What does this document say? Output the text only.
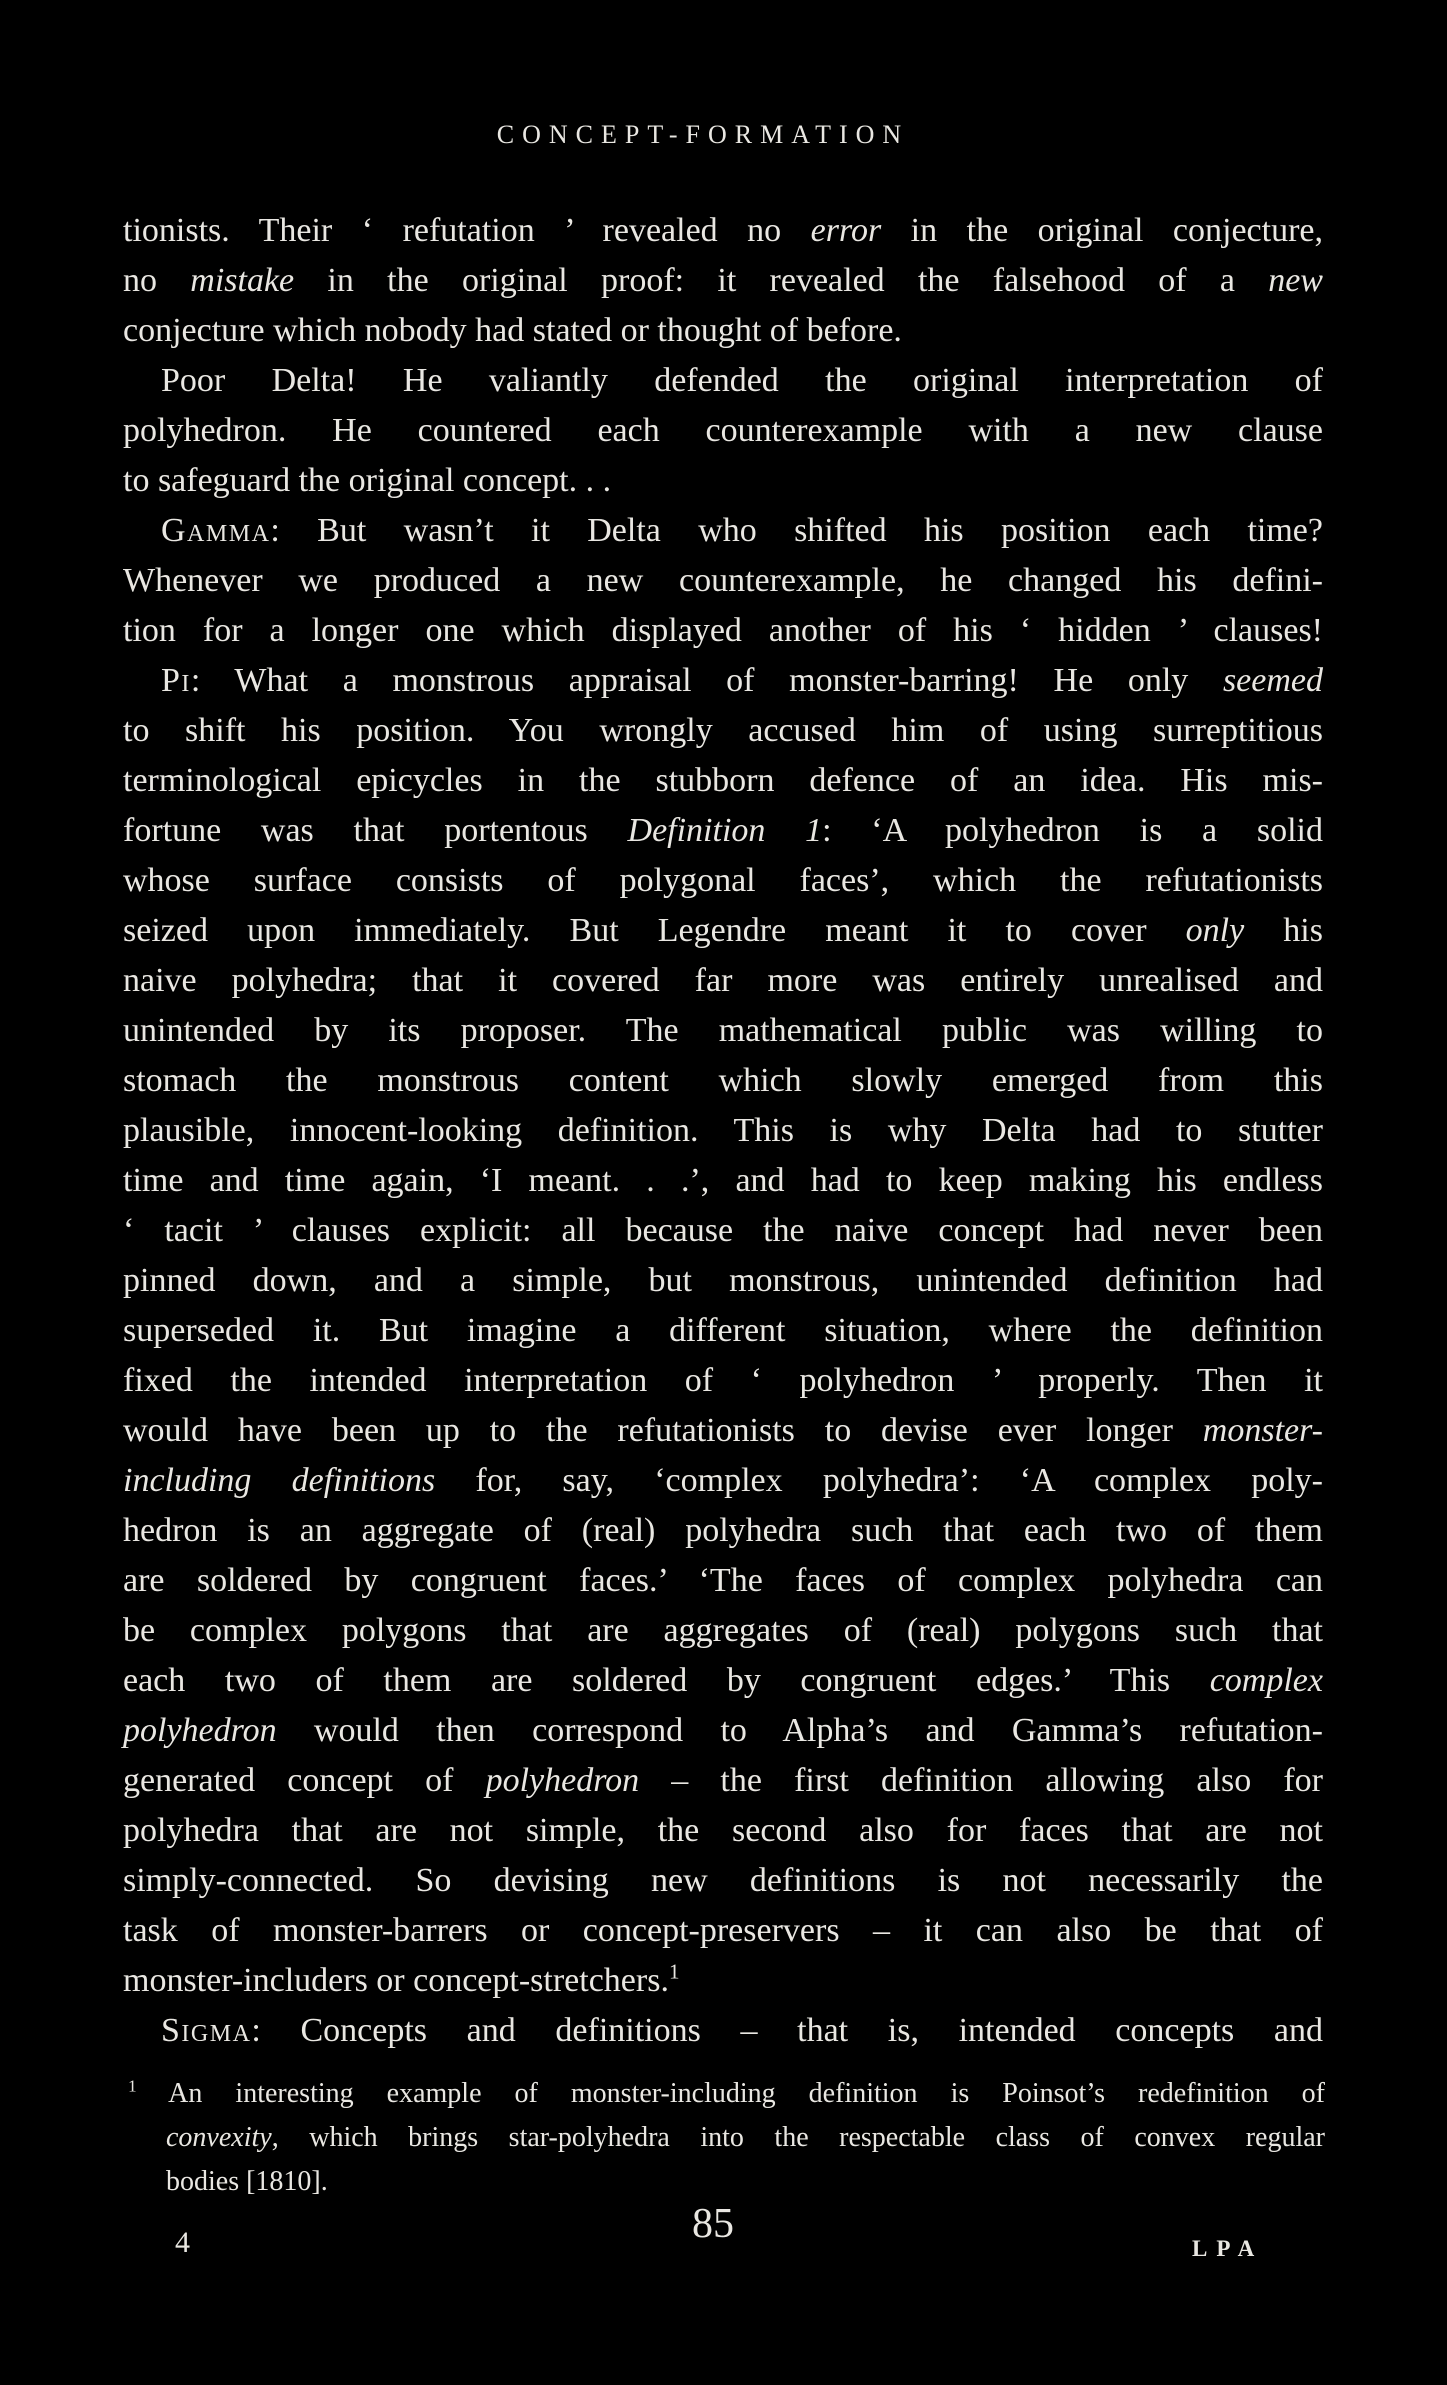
CONCEPT-FORMATION
tionists. Their ‘ refutation ’ revealed no error in the original conjecture,
no mistake in the original proof: it revealed the falsehood of a new
conjecture which nobody had stated or thought of before.
Poor Delta! He valiantly defended the original interpretation of
polyhedron. He countered each counterexample with a new clause
to safeguard the original concept. . .
Gamma: But wasn’t it Delta who shifted his position each time?
Whenever we produced a new counterexample, he changed his defini-
tion for a longer one which displayed another of his ‘ hidden ’ clauses!
Pi: What a monstrous appraisal of monster-barring! He only seemed
to shift his position. You wrongly accused him of using surreptitious
terminological epicycles in the stubborn defence of an idea. His mis-
fortune was that portentous Definition 1: ‘A polyhedron is a solid
whose surface consists of polygonal faces’, which the refutationists
seized upon immediately. But Legendre meant it to cover only his
naive polyhedra; that it covered far more was entirely unrealised and
unintended by its proposer. The mathematical public was willing to
stomach the monstrous content which slowly emerged from this
plausible, innocent-looking definition. This is why Delta had to stutter
time and time again, ‘I meant. . .’, and had to keep making his endless
‘ tacit ’ clauses explicit: all because the naive concept had never been
pinned down, and a simple, but monstrous, unintended definition had
superseded it. But imagine a different situation, where the definition
fixed the intended interpretation of ‘ polyhedron ’ properly. Then it
would have been up to the refutationists to devise ever longer monster-
including definitions for, say, ‘complex polyhedra’: ‘A complex poly-
hedron is an aggregate of (real) polyhedra such that each two of them
are soldered by congruent faces.’ ‘The faces of complex polyhedra can
be complex polygons that are aggregates of (real) polygons such that
each two of them are soldered by congruent edges.’ This complex
polyhedron would then correspond to Alpha’s and Gamma’s refutation-
generated concept of polyhedron – the first definition allowing also for
polyhedra that are not simple, the second also for faces that are not
simply-connected. So devising new definitions is not necessarily the
task of monster-barrers or concept-preservers – it can also be that of
monster-includers or concept-stretchers.$^1$
Sigma: Concepts and definitions – that is, intended concepts and
$^1$ An interesting example of monster-including definition is Poinsot’s redefinition of
convexity, which brings star-polyhedra into the respectable class of convex regular
bodies [1810].
4	85
LPA
